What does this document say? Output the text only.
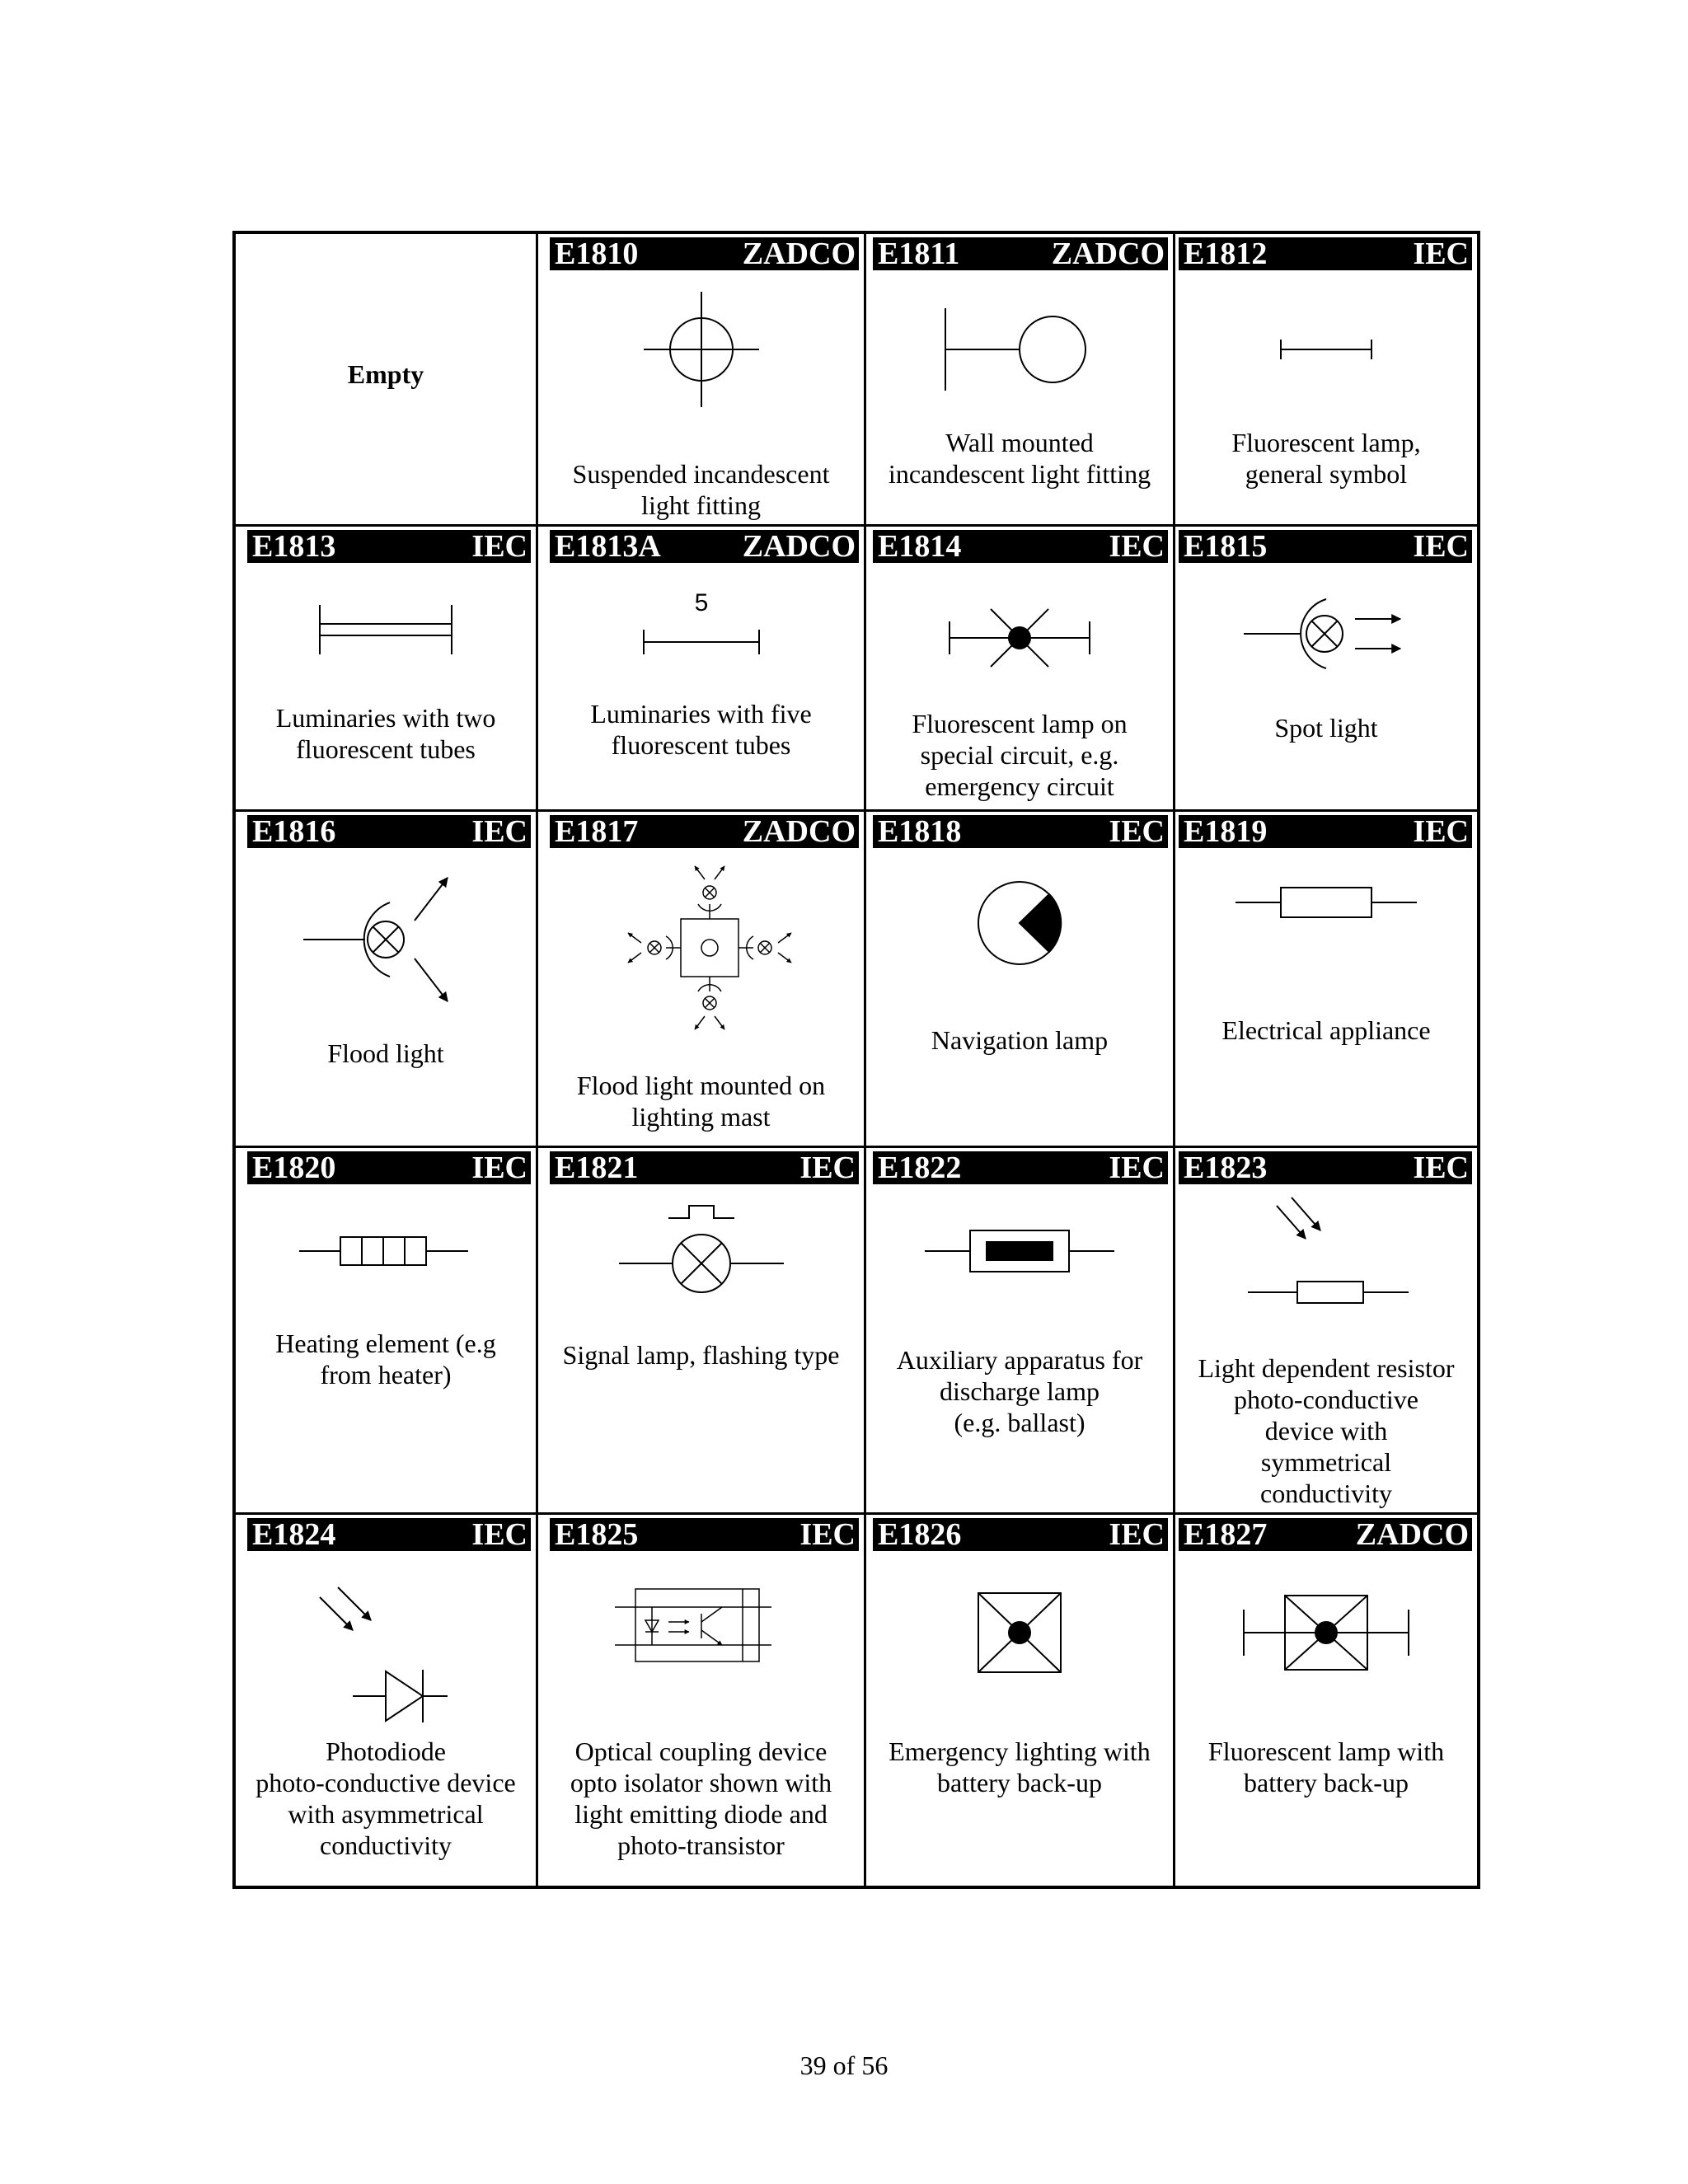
Empty
E1810	ZADCO
Suspended incandescent
light fitting
E1811	ZADCO
Wall mounted
incandescent light fitting
E1812	IEC
Fluorescent lamp,
general symbol
E1813	IEC
Luminaries with two
fluorescent tubes
E1813A	ZADCO
5
Luminaries with five
fluorescent tubes
E1814	IEC
Fluorescent lamp on
special circuit, e.g.
emergency circuit
E1815	IEC
Spot light
E1816	IEC
Flood light
E1817	ZADCO
Flood light mounted on
lighting mast
E1818	IEC
Navigation lamp
E1819	IEC
Electrical appliance
E1820	IEC
Heating element (e.g
from heater)
E1821	IEC
Signal lamp, flashing type
E1822	IEC
Auxiliary apparatus for
discharge lamp
(e.g. ballast)
E1823	IEC
Light dependent resistor
photo-conductive
device with
symmetrical
conductivity
E1824	IEC
Photodiode
photo-conductive device
with asymmetrical
conductivity
E1825	IEC
Optical coupling device
opto isolator shown with
light emitting diode and
photo-transistor
E1826	IEC
Emergency lighting with
battery back-up
E1827	ZADCO
Fluorescent lamp with
battery back-up
39 of 56
